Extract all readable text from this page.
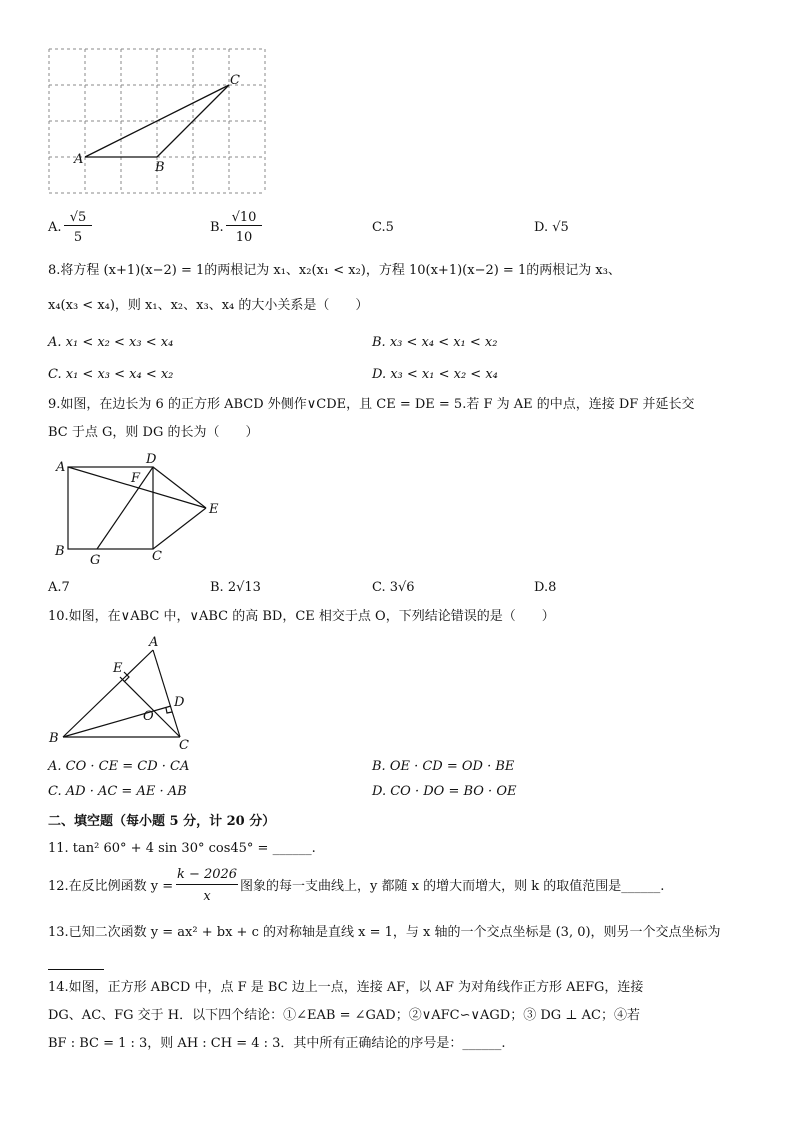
A
B
C
A.
√5
5
B.
√10
10
C.5	D. √5
8.将方程 (x+1)(x−2) = 1的两根记为 x₁、x₂(x₁ < x₂)，方程 10(x+1)(x−2) = 1的两根记为 x₃、
x₄(x₃ < x₄)，则 x₁、x₂、x₃、x₄ 的大小关系是（　　）
A. x₁ < x₂ < x₃ < x₄	B. x₃ < x₄ < x₁ < x₂
C. x₁ < x₃ < x₄ < x₂	D. x₃ < x₁ < x₂ < x₄
9.如图，在边长为 6 的正方形 ABCD 外侧作∨CDE，且 CE = DE = 5.若 F 为 AE 的中点，连接 DF 并延长交
BC 于点 G，则 DG 的长为（　　）
A
D
F
E
B
G	C
A.7	B. 2√13	C. 3√6	D.8
10.如图，在∨ABC 中，∨ABC 的高 BD，CE 相交于点 O，下列结论错误的是（　　）
A
E
D
O
B	C
A. CO · CE = CD · CA	B. OE · CD = OD · BE
C. AD · AC = AE · AB	D. CO · DO = BO · OE
二、填空题（每小题 5 分，计 20 分）
11. tan² 60° + 4 sin 30° cos45° = ______.
12.在反比例函数 y =
k − 2026
x
图象的每一支曲线上，y 都随 x 的增大而增大，则 k 的取值范围是______.
13.已知二次函数 y = ax² + bx + c 的对称轴是直线 x = 1，与 x 轴的一个交点坐标是 (3, 0)，则另一个交点坐标为
14.如图，正方形 ABCD 中，点 F 是 BC 边上一点，连接 AF，以 AF 为对角线作正方形 AEFG，连接
DG、AC、FG 交于 H．以下四个结论：①∠EAB = ∠GAD；②∨AFC∽∨AGD；③ DG ⊥ AC；④若
BF : BC = 1 : 3，则 AH : CH = 4 : 3．其中所有正确结论的序号是：______.
